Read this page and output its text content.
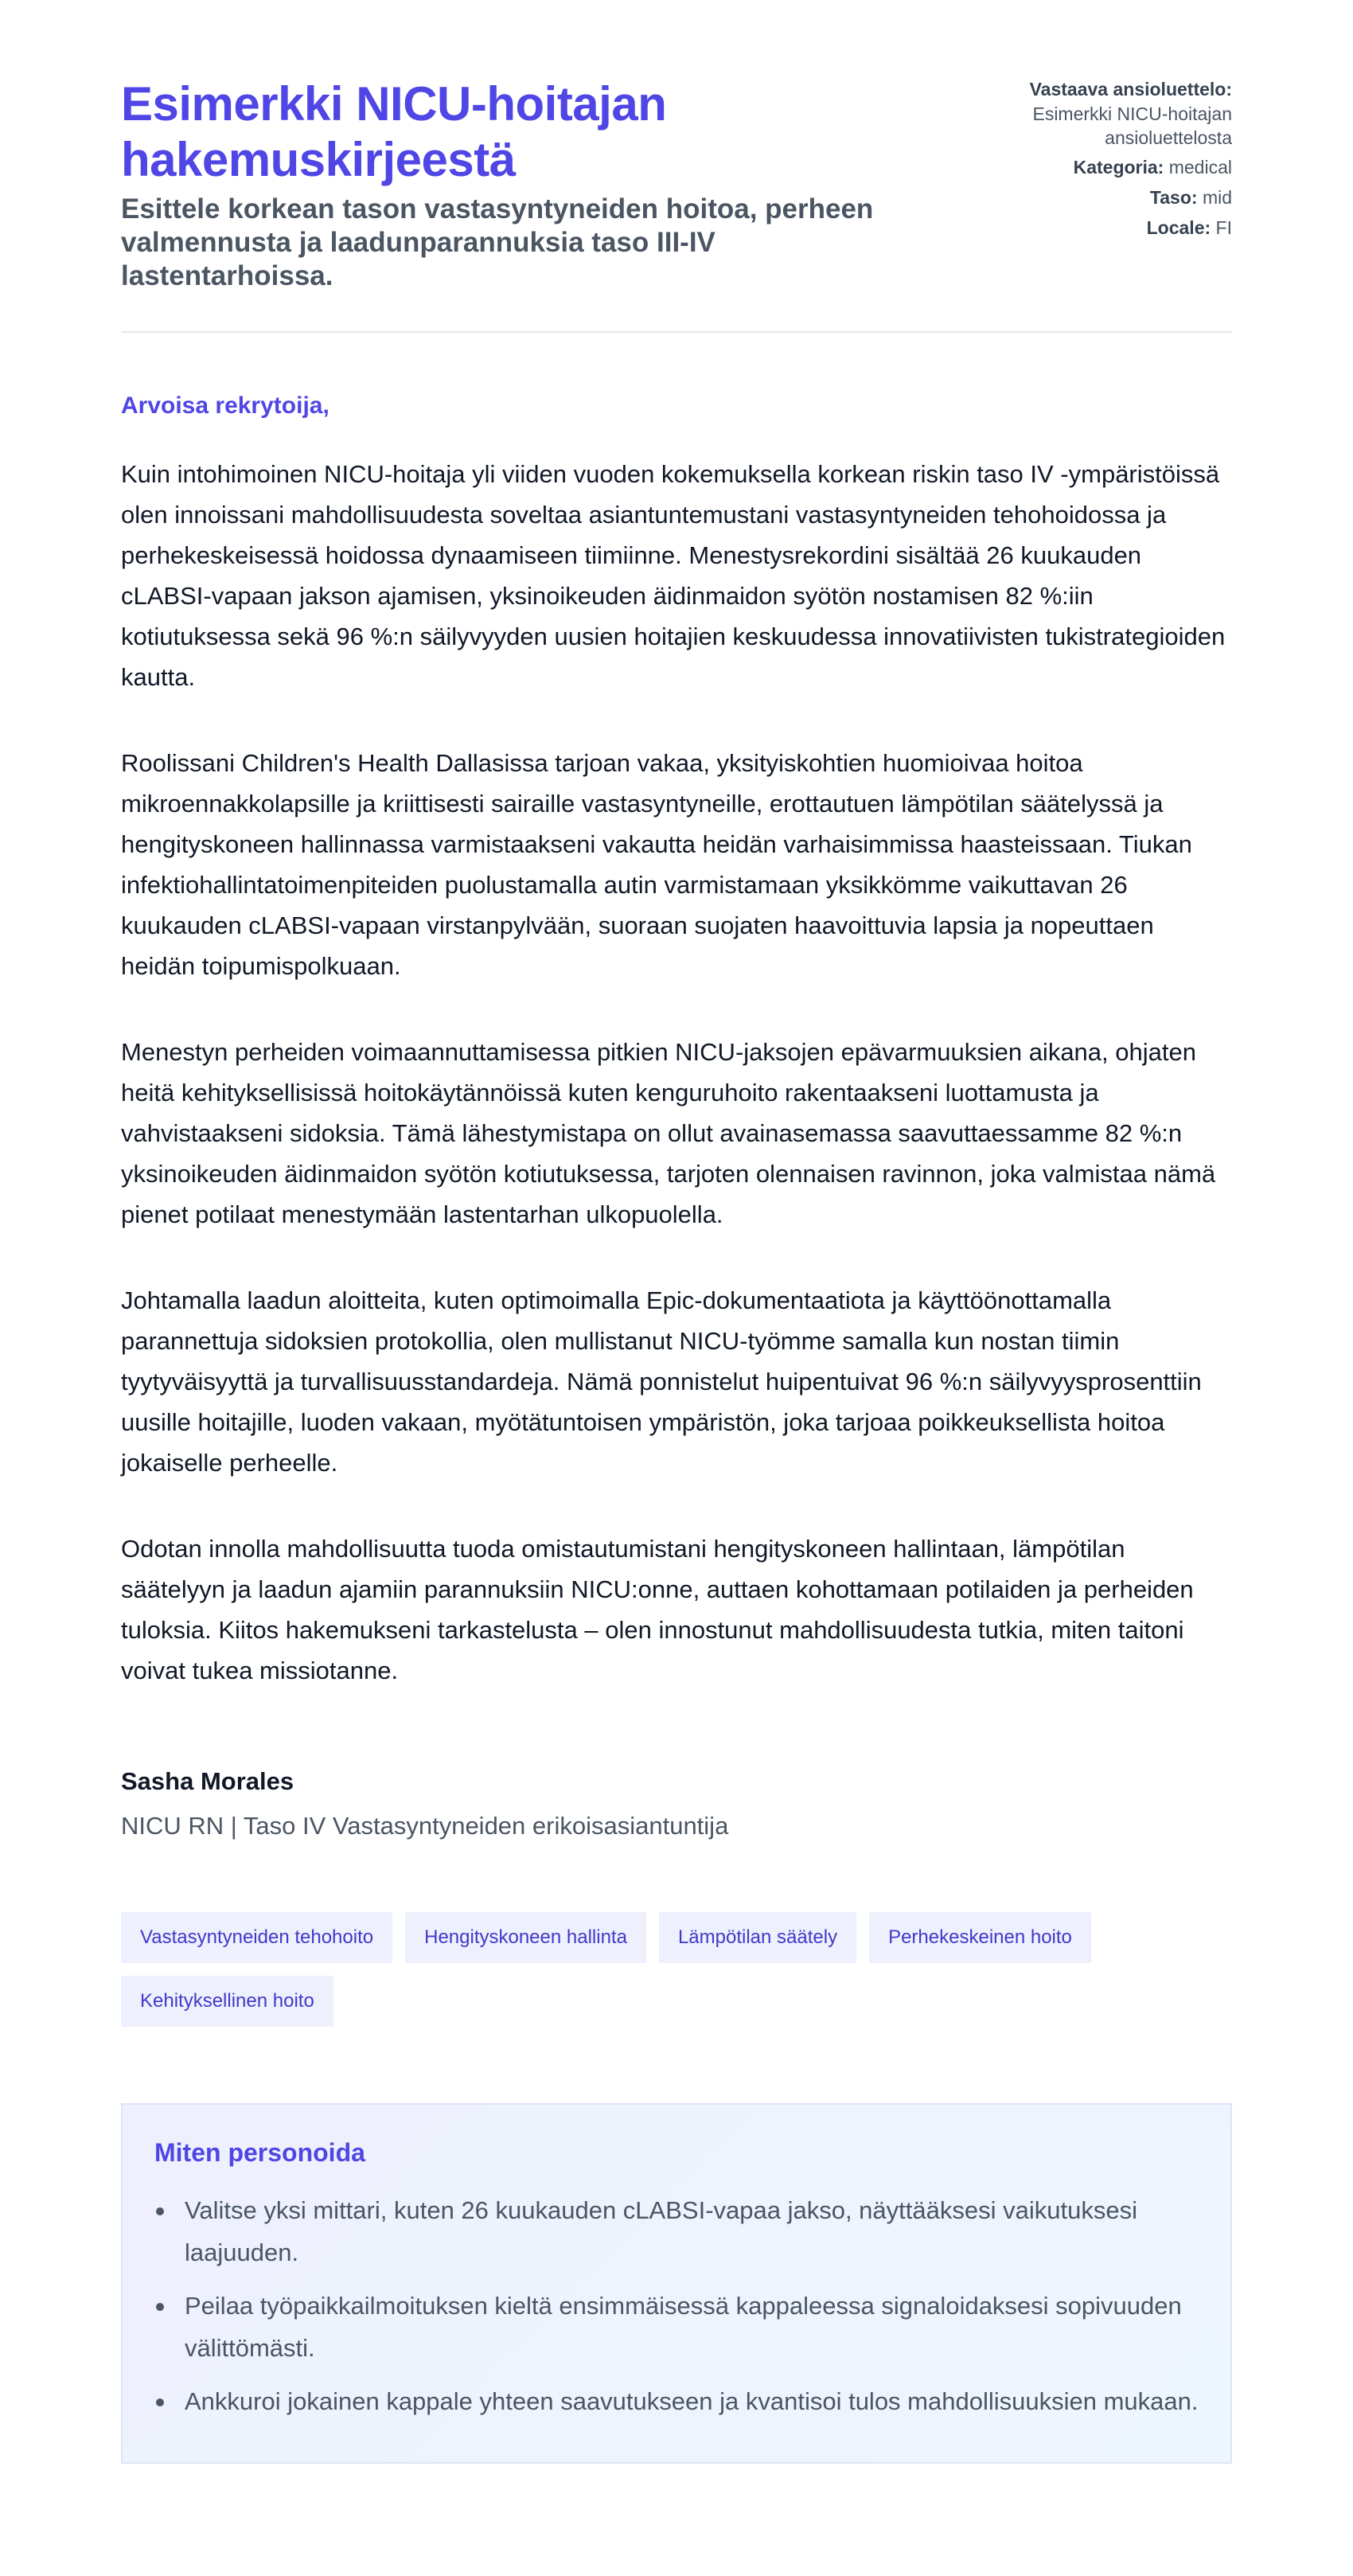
Esimerkki NICU-hoitajan hakemuskirjeestä
Esittele korkean tason vastasyntyneiden hoitoa, perheen valmennusta ja laadunparannuksia taso III-IV lastentarhoissa.
Vastaava ansioluettelo:
Esimerkki NICU-hoitajan ansioluettelosta
Kategoria: medical
Taso: mid
Locale: FI

Arvoisa rekrytoija,

Kuin intohimoinen NICU-hoitaja yli viiden vuoden kokemuksella korkean riskin taso IV -ympäristöissä olen innoissani mahdollisuudesta soveltaa asiantuntemustani vastasyntyneiden tehohoidossa ja perhekeskeisessä hoidossa dynaamiseen tiimiinne. Menestysrekordini sisältää 26 kuukauden cLABSI-vapaan jakson ajamisen, yksinoikeuden äidinmaidon syötön nostamisen 82 %:iin kotiutuksessa sekä 96 %:n säilyvyyden uusien hoitajien keskuudessa innovatiivisten tukistrategioiden kautta.

Roolissani Children's Health Dallasissa tarjoan vakaa, yksityiskohtien huomioivaa hoitoa mikroennakkolapsille ja kriittisesti sairaille vastasyntyneille, erottautuen lämpötilan säätelyssä ja hengityskoneen hallinnassa varmistaakseni vakautta heidän varhaisimmissa haasteissaan. Tiukan infektiohallintatoimenpiteiden puolustamalla autin varmistamaan yksikkömme vaikuttavan 26 kuukauden cLABSI-vapaan virstanpylvään, suoraan suojaten haavoittuvia lapsia ja nopeuttaen heidän toipumispolkuaan.

Menestyn perheiden voimaannuttamisessa pitkien NICU-jaksojen epävarmuuksien aikana, ohjaten heitä kehityksellisissä hoitokäytännöissä kuten kenguruhoito rakentaakseni luottamusta ja vahvistaakseni sidoksia. Tämä lähestymistapa on ollut avainasemassa saavuttaessamme 82 %:n yksinoikeuden äidinmaidon syötön kotiutuksessa, tarjoten olennaisen ravinnon, joka valmistaa nämä pienet potilaat menestymään lastentarhan ulkopuolella.

Johtamalla laadun aloitteita, kuten optimoimalla Epic-dokumentaatiota ja käyttöönottamalla parannettuja sidoksien protokollia, olen mullistanut NICU-työmme samalla kun nostan tiimin tyytyväisyyttä ja turvallisuusstandardeja. Nämä ponnistelut huipentuivat 96 %:n säilyvyysprosenttiin uusille hoitajille, luoden vakaan, myötätuntoisen ympäristön, joka tarjoaa poikkeuksellista hoitoa jokaiselle perheelle.

Odotan innolla mahdollisuutta tuoda omistautumistani hengityskoneen hallintaan, lämpötilan säätelyyn ja laadun ajamiin parannuksiin NICU:onne, auttaen kohottamaan potilaiden ja perheiden tuloksia. Kiitos hakemukseni tarkastelusta – olen innostunut mahdollisuudesta tutkia, miten taitoni voivat tukea missiotanne.

Sasha Morales
NICU RN | Taso IV Vastasyntyneiden erikoisasiantuntija
Vastasyntyneiden tehohoito	Hengityskoneen hallinta	Lämpötilan säätely	Perhekeskeinen hoito
Kehityksellinen hoito
Miten personoida
Valitse yksi mittari, kuten 26 kuukauden cLABSI-vapaa jakso, näyttääksesi vaikutuksesi laajuuden.
Peilaa työpaikkailmoituksen kieltä ensimmäisessä kappaleessa signaloidaksesi sopivuuden välittömästi.
Ankkuroi jokainen kappale yhteen saavutukseen ja kvantisoi tulos mahdollisuuksien mukaan.
